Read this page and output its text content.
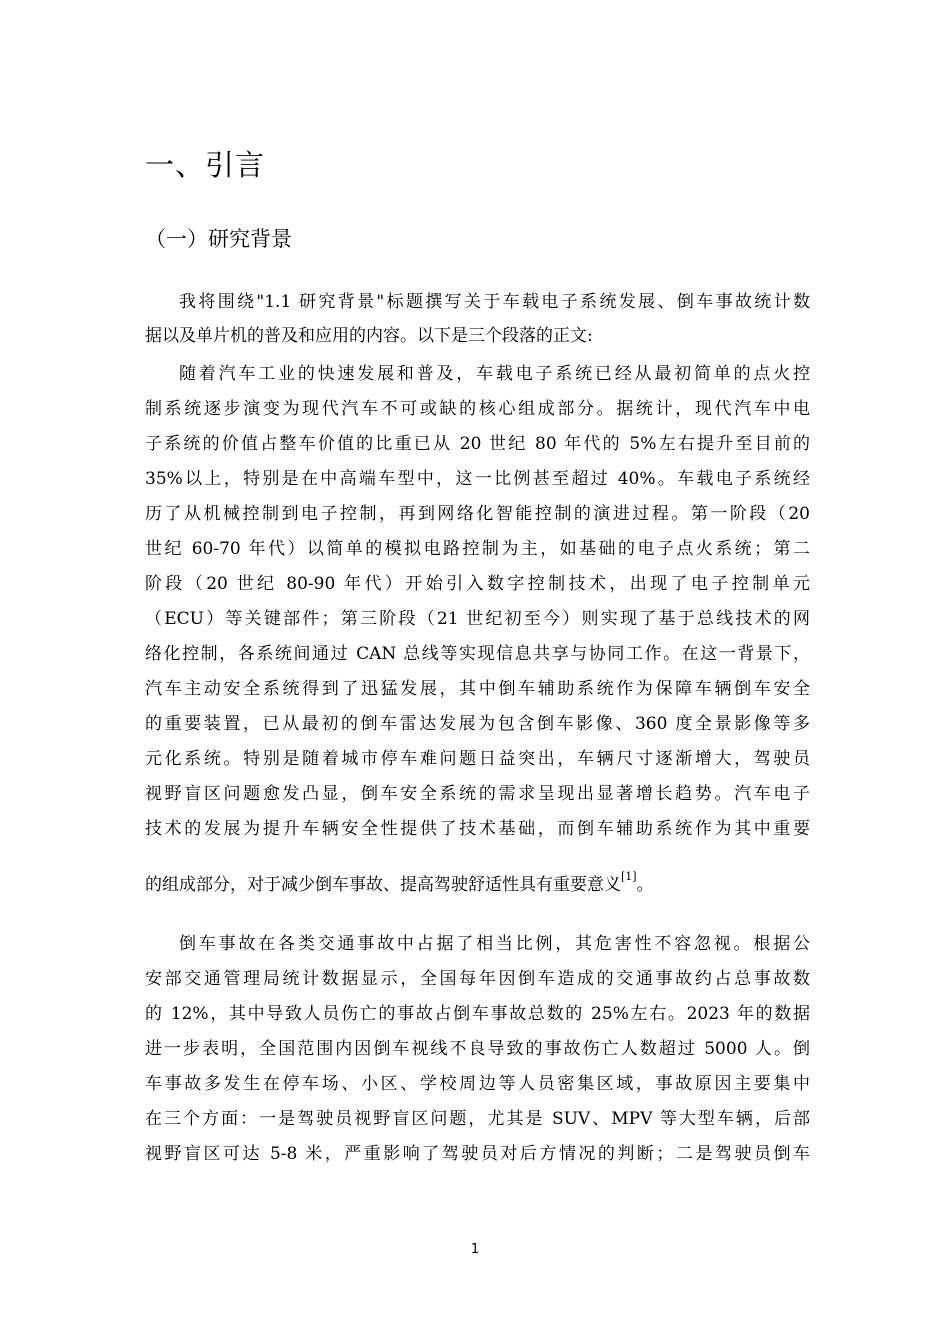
一、引言
（一）研究背景
我将围绕"1.1 研究背景"标题撰写关于车载电子系统发展、倒车事故统计数
据以及单片机的普及和应用的内容。以下是三个段落的正文:
随着汽车工业的快速发展和普及，车载电子系统已经从最初简单的点火控
制系统逐步演变为现代汽车不可或缺的核心组成部分。据统计，现代汽车中电
子系统的价值占整车价值的比重已从 20 世纪 80 年代的 5%左右提升至目前的
35%以上，特别是在中高端车型中，这一比例甚至超过 40%。车载电子系统经
历了从机械控制到电子控制，再到网络化智能控制的演进过程。第一阶段（20
世纪 60-70 年代）以简单的模拟电路控制为主，如基础的电子点火系统；第二
阶段（20 世纪 80-90 年代）开始引入数字控制技术，出现了电子控制单元
（ECU）等关键部件；第三阶段（21 世纪初至今）则实现了基于总线技术的网
络化控制，各系统间通过 CAN 总线等实现信息共享与协同工作。在这一背景下，
汽车主动安全系统得到了迅猛发展，其中倒车辅助系统作为保障车辆倒车安全
的重要装置，已从最初的倒车雷达发展为包含倒车影像、360 度全景影像等多
元化系统。特别是随着城市停车难问题日益突出，车辆尺寸逐渐增大，驾驶员
视野盲区问题愈发凸显，倒车安全系统的需求呈现出显著增长趋势。汽车电子
技术的发展为提升车辆安全性提供了技术基础，而倒车辅助系统作为其中重要
的组成部分，对于减少倒车事故、提高驾驶舒适性具有重要意义[1]。
倒车事故在各类交通事故中占据了相当比例，其危害性不容忽视。根据公
安部交通管理局统计数据显示，全国每年因倒车造成的交通事故约占总事故数
的 12%，其中导致人员伤亡的事故占倒车事故总数的 25%左右。2023 年的数据
进一步表明，全国范围内因倒车视线不良导致的事故伤亡人数超过 5000 人。倒
车事故多发生在停车场、小区、学校周边等人员密集区域，事故原因主要集中
在三个方面：一是驾驶员视野盲区问题，尤其是 SUV、MPV 等大型车辆，后部
视野盲区可达 5-8 米，严重影响了驾驶员对后方情况的判断；二是驾驶员倒车
1
